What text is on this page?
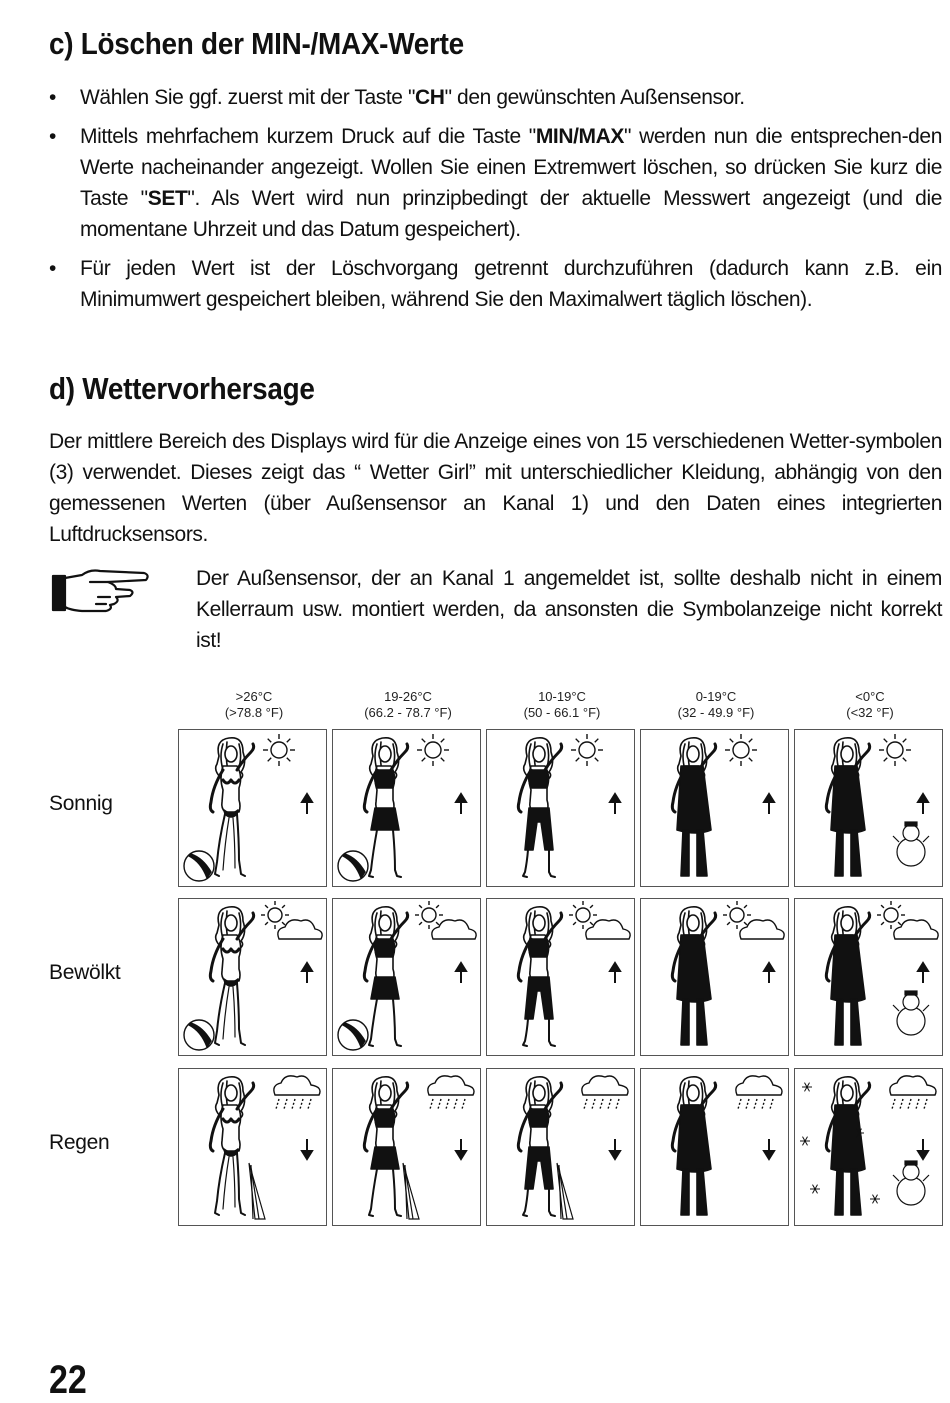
c) Löschen der MIN-/MAX-Werte
• Wählen Sie ggf. zuerst mit der Taste "CH" den gewünschten Außensensor.
• Mittels mehrfachem kurzem Druck auf die Taste "MIN/MAX" werden nun die entsprechen-den Werte nacheinander angezeigt. Wollen Sie einen Extremwert löschen, so drücken Sie kurz die Taste "SET". Als Wert wird nun prinzipbedingt der aktuelle Messwert angezeigt (und die momentane Uhrzeit und das Datum gespeichert).
• Für jeden Wert ist der Löschvorgang getrennt durchzuführen (dadurch kann z.B. ein Minimumwert gespeichert bleiben, während Sie den Maximalwert täglich löschen).
d) Wettervorhersage

Der mittlere Bereich des Displays wird für die Anzeige eines von 15 verschiedenen Wetter-symbolen (3) verwendet. Dieses zeigt das “ Wetter Girl” mit unterschiedlicher Kleidung, abhängig von den gemessenen Werten (über Außensensor an Kanal 1) und den Daten eines integrierten Luftdrucksensors.

Der Außensensor, der an Kanal 1 angemeldet ist, sollte deshalb nicht in einem Kellerraum usw. montiert werden, da ansonsten die Symbolanzeige nicht korrekt ist!

>26°C
(>78.8 °F)
19-26°C
(66.2 - 78.7 °F)
10-19°C
(50 - 66.1 °F)
0-19°C
(32 - 49.9 °F)
<0°C
(<32 °F)
Sonnig
Bewölkt
Regen

22
